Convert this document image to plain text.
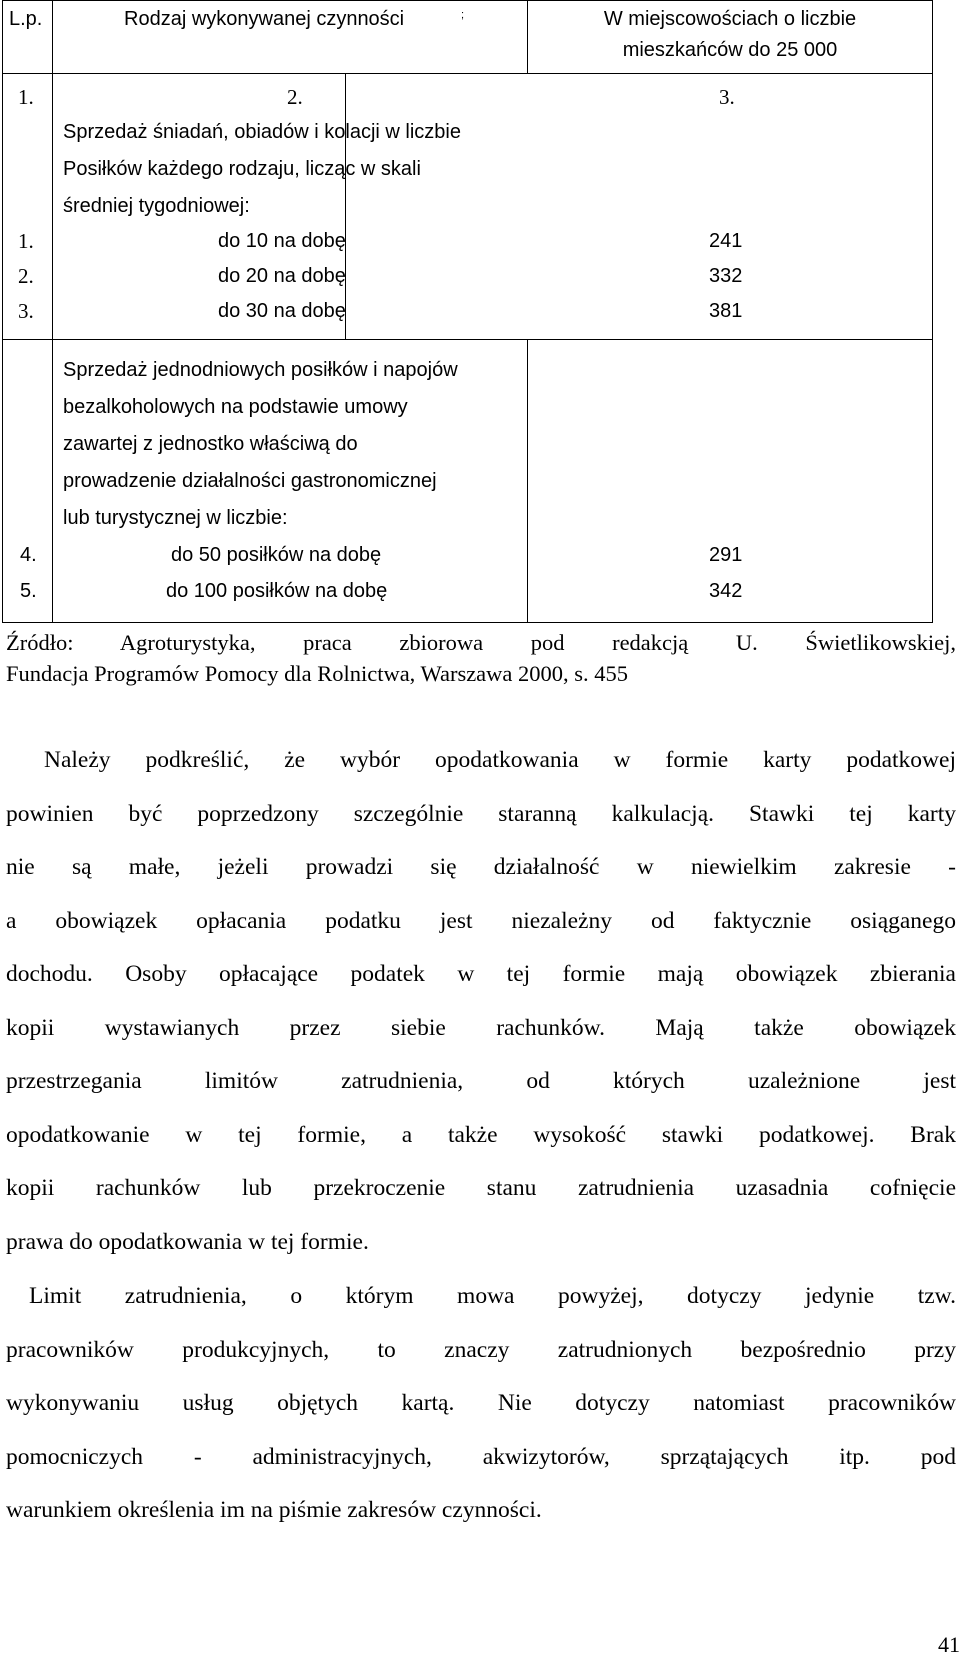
L.p.	Rodzaj wykonywanej czynności	;	W miejscowościach o liczbie
mieszkańców do 25 000
1.	2.	3.
Sprzedaż śniadań, obiadów i kolacji w liczbie
Posiłków każdego rodzaju, licząc w skali
średniej tygodniowej:
1.	do 10 na dobę	241
2.	do 20 na dobę	332
3.	do 30 na dobę	381
Sprzedaż jednodniowych posiłków i napojów
bezalkoholowych na podstawie umowy
zawartej z jednostko właściwą do
prowadzenie działalności gastronomicznej
lub turystycznej w liczbie:
4.	do 50 posiłków na dobę	291
5.	do 100 posiłków na dobę	342
Źródło: Agroturystyka, praca zbiorowa pod redakcją U. Świetlikowskiej,
Fundacja Programów Pomocy dla Rolnictwa, Warszawa 2000, s. 455
Należy podkreślić, że wybór opodatkowania w formie karty podatkowej
powinien być poprzedzony szczególnie staranną kalkulacją. Stawki tej karty
nie są małe, jeżeli prowadzi się działalność w niewielkim zakresie -
a obowiązek opłacania podatku jest niezależny od faktycznie osiąganego
dochodu. Osoby opłacające podatek w tej formie mają obowiązek zbierania
kopii wystawianych przez siebie rachunków. Mają także obowiązek
przestrzegania limitów zatrudnienia, od których uzależnione jest
opodatkowanie w tej formie, a także wysokość stawki podatkowej. Brak
kopii rachunków lub przekroczenie stanu zatrudnienia uzasadnia cofnięcie
prawa do opodatkowania w tej formie.
Limit zatrudnienia, o którym mowa powyżej, dotyczy jedynie tzw.
pracowników produkcyjnych, to znaczy zatrudnionych bezpośrednio przy
wykonywaniu usług objętych kartą. Nie dotyczy natomiast pracowników
pomocniczych - administracyjnych, akwizytorów, sprzątających itp. pod
warunkiem określenia im na piśmie zakresów czynności.
41
